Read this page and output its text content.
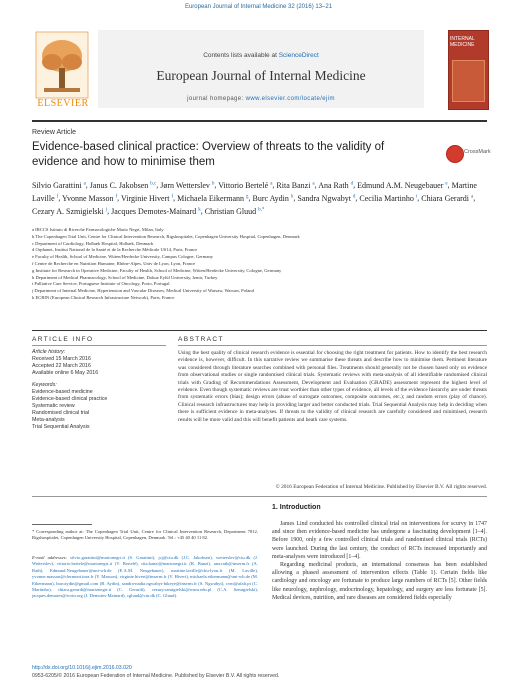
European Journal of Internal Medicine 32 (2016) 13–21
ELSEVIER
Contents lists available at ScienceDirect
European Journal of Internal Medicine
journal homepage: www.elsevier.com/locate/ejim
INTERNAL MEDICINE
Review Article
Evidence-based clinical practice: Overview of threats to the validity of evidence and how to minimise them
CrossMark
Silvio Garattini $^a$, Janus C. Jakobsen $^{b,c}$, Jørn Wetterslev $^b$, Vittorio Bertelé $^a$, Rita Banzi $^a$, Ana Rath $^d$, Edmund A.M. Neugebauer $^e$, Martine Laville $^f$, Yvonne Masson $^f$, Virginie Hivert $^f$, Michaela Eikermann $^g$, Burc Aydin $^h$, Sandra Ngwabyt $^d$, Cecilia Martinho $^i$, Chiara Gerardi $^a$, Cezary A. Szmigielski $^j$, Jacques Demotes-Mainard $^k$, Christian Gluud $^{b,*}$
a IRCCS Istituto di Ricerche Farmacologiche Mario Negri, Milan, Italy
b The Copenhagen Trial Unit, Centre for Clinical Intervention Research, Rigshospitalet, Copenhagen University Hospital, Copenhagen, Denmark
c Department of Cardiology, Holbæk Hospital, Holbæk, Denmark
d Orphanet, Institut National de la Santé et de la Recherche Médicale US14, Paris, France
e Faculty of Health, School of Medicine, Witten/Herdecke University, Campus Cologne, Germany
f Centre de Recherche en Nutrition Humaine, Rhône-Alpes, Univ de Lyon, Lyon, France
g Institute for Research in Operative Medicine, Faculty of Health, School of Medicine, Witten/Herdecke University, Cologne, Germany
h Department of Medical Pharmacology, School of Medicine, Dokuz Eylül University, Izmir, Turkey
i Palliative Care Service, Portuguese Institute of Oncology, Porto, Portugal
j Department of Internal Medicine, Hypertension and Vascular Diseases, Medical University of Warsaw, Warsaw, Poland
k ECRIN (European Clinical Research Infrastructure Network), Paris, France
ARTICLE INFO
Article history:
Received 15 March 2016
Accepted 22 March 2016
Available online 6 May 2016
Keywords:
Evidence-based medicine
Evidence-based clinical practice
Systematic review
Randomised clinical trial
Meta-analysis
Trial Sequential Analysis
ABSTRACT
Using the best quality of clinical research evidence is essential for choosing the right treatment for patients. How to identify the best research evidence is, however, difficult. In this narrative review we summarise these threats and describe how to minimise them. Pertinent literature was considered through literature searches combined with personal files. Treatments should generally not be chosen based only on evidence from observational studies or single randomised clinical trials. Systematic reviews with meta-analysis of all identifiable randomised clinical trials with Grading of Recommendations Assessment, Development and Evaluation (GRADE) assessment represent the highest level of evidence. Even though systematic reviews are trust worthier than other types of evidence, all levels of the evidence hierarchy are under threats from systematic errors (bias); design errors (abuse of surrogate outcomes, composite outcomes, etc.); and random errors (play of chance). Clinical research infrastructures may help in providing larger and better conducted trials. Trial Sequential Analysis may help in deciding when there is sufficient evidence in meta-analyses. If threats to the validity of clinical research are carefully considered and minimised, research results will be more valid and this will benefit patients and heath care systems.
© 2016 European Federation of Internal Medicine. Published by Elsevier B.V. All rights reserved.
1. Introduction

James Lind conducted his controlled clinical trial on interventions for scurvy in 1747 and since then evidence-based medicine has undergone a fascinating development [1–4]. Before 1900, only a few controlled clinical trials and randomised clinical trials (RCTs) were launched. During the last century, the conduct of RCTs increased importantly and meta-analyses were introduced [1–4].

Regarding medicinal products, an international consensus has been established allowing a phased assessment of intervention effects (Table 1). Certain fields like cardiology and oncology are fortunate to produce large numbers of RCTs [5]. Other fields like neurology, nephrology, endocrinology, hepatology, and surgery are less fortunate [5]. Medical devices, nutrition, and rare diseases are considered fields especially

* Corresponding author at: The Copenhagen Trial Unit, Centre for Clinical Intervention Research, Department 7812, Rigshospitalet, Copenhagen University Hospital, Copenhagen, Denmark. Tel.: +45 40 40 11 82.
E-mail addresses: silvio.garattini@marionegri.it (S. Garattini), jcj@ctu.dk (J.C. Jakobsen), wetterslev@ctu.dk (J. Wetterslev), vittorio.bertele@marionegri.it (V. Bertelé), rita.banzi@marionegri.it (R. Banzi), ana.rath@inserm.fr (A. Rath), Edmund.Neugebauer@uni-wh.de (E.A.M. Neugebauer), martine.laville@chu-lyon.fr (M. Laville), yvonne.masson@clermont.inra.fr (Y. Masson), virginie.hivert@inserm.fr (V. Hivert), michaela.eikermann@uni-wh.de (M. Eikermann), burcaydin@gmail.com (B. Aydin), sandra-nadia.ngwabyt-bikeye@inserm.fr (S. Ngwabyt), cvm@afalt.pt (C. Martinho), chiara.gerardi@marionegri.it (C. Gerardi), cezary.szmigielski@wum.edu.pl (C.A. Szmigielski), jacques.demotes@ecrin.org (J. Demotes-Mainard), cgluud@ctu.dk (C. Gluud).
http://dx.doi.org/10.1016/j.ejim.2016.03.020
0953-6205/© 2016 European Federation of Internal Medicine. Published by Elsevier B.V. All rights reserved.
